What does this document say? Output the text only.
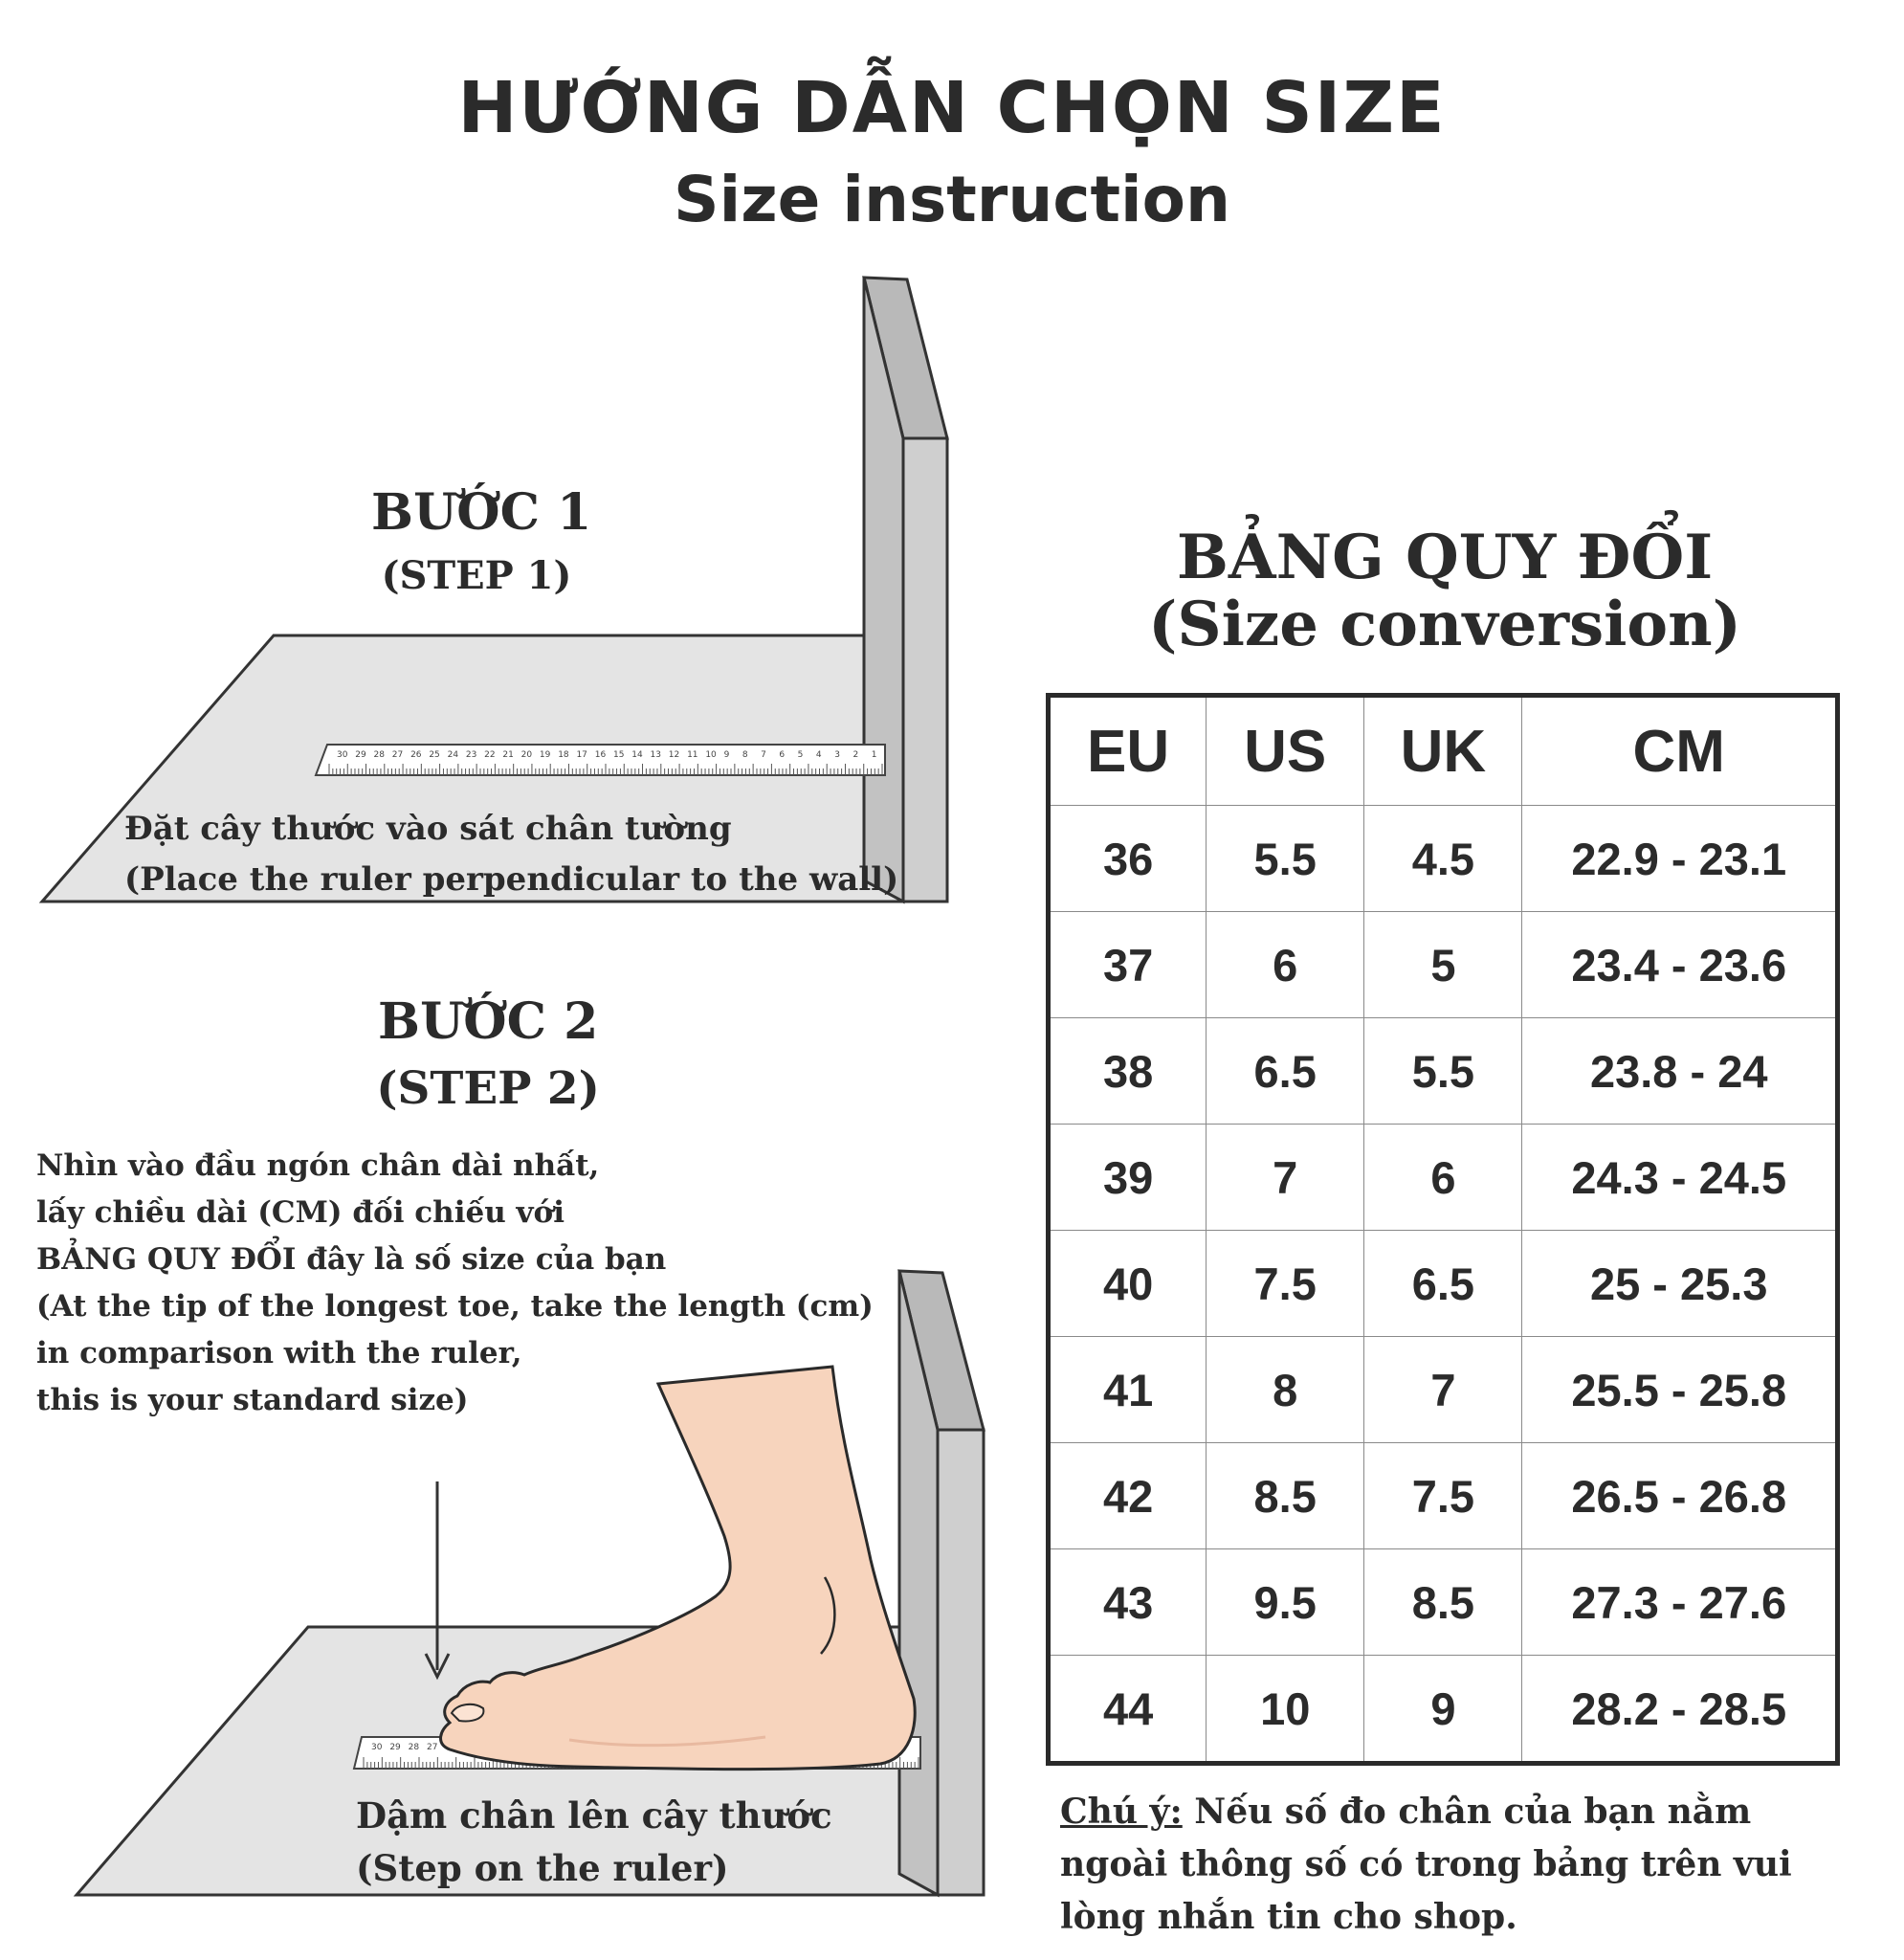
30 29 28 27 26 25 24 23 22 21 20 19 18 17 16 15 14 13 12 11 10 9 8 7 6 5 4 3 2 1
30 29 28 27
HƯỚNG DẪN CHỌN SIZE
Size instruction
BƯỚC 1
(STEP 1)
Đặt cây thước vào sát chân tường
(Place the ruler perpendicular to the wall)
BƯỚC 2
(STEP 2)
Nhìn vào đầu ngón chân dài nhất,
lấy chiều dài (CM) đối chiếu với
BẢNG QUY ĐỔI đây là số size của bạn
(At the tip of the longest toe, take the length (cm)
in comparison with the ruler,
this is your standard size)
Dậm chân lên cây thước
(Step on the ruler)
BẢNG QUY ĐỔI
(Size conversion)
EU	US	UK	CM
36	5.5	4.5	22.9 - 23.1
37	6	5	23.4 - 23.6
38	6.5	5.5	23.8 - 24
39	7	6	24.3 - 24.5
40	7.5	6.5	25 - 25.3
41	8	7	25.5 - 25.8
42	8.5	7.5	26.5 - 26.8
43	9.5	8.5	27.3 - 27.6
44	10	9	28.2 - 28.5

Chú ý: Nếu số đo chân của bạn nằm ngoài thông số có trong bảng trên vui lòng nhắn tin cho shop.
